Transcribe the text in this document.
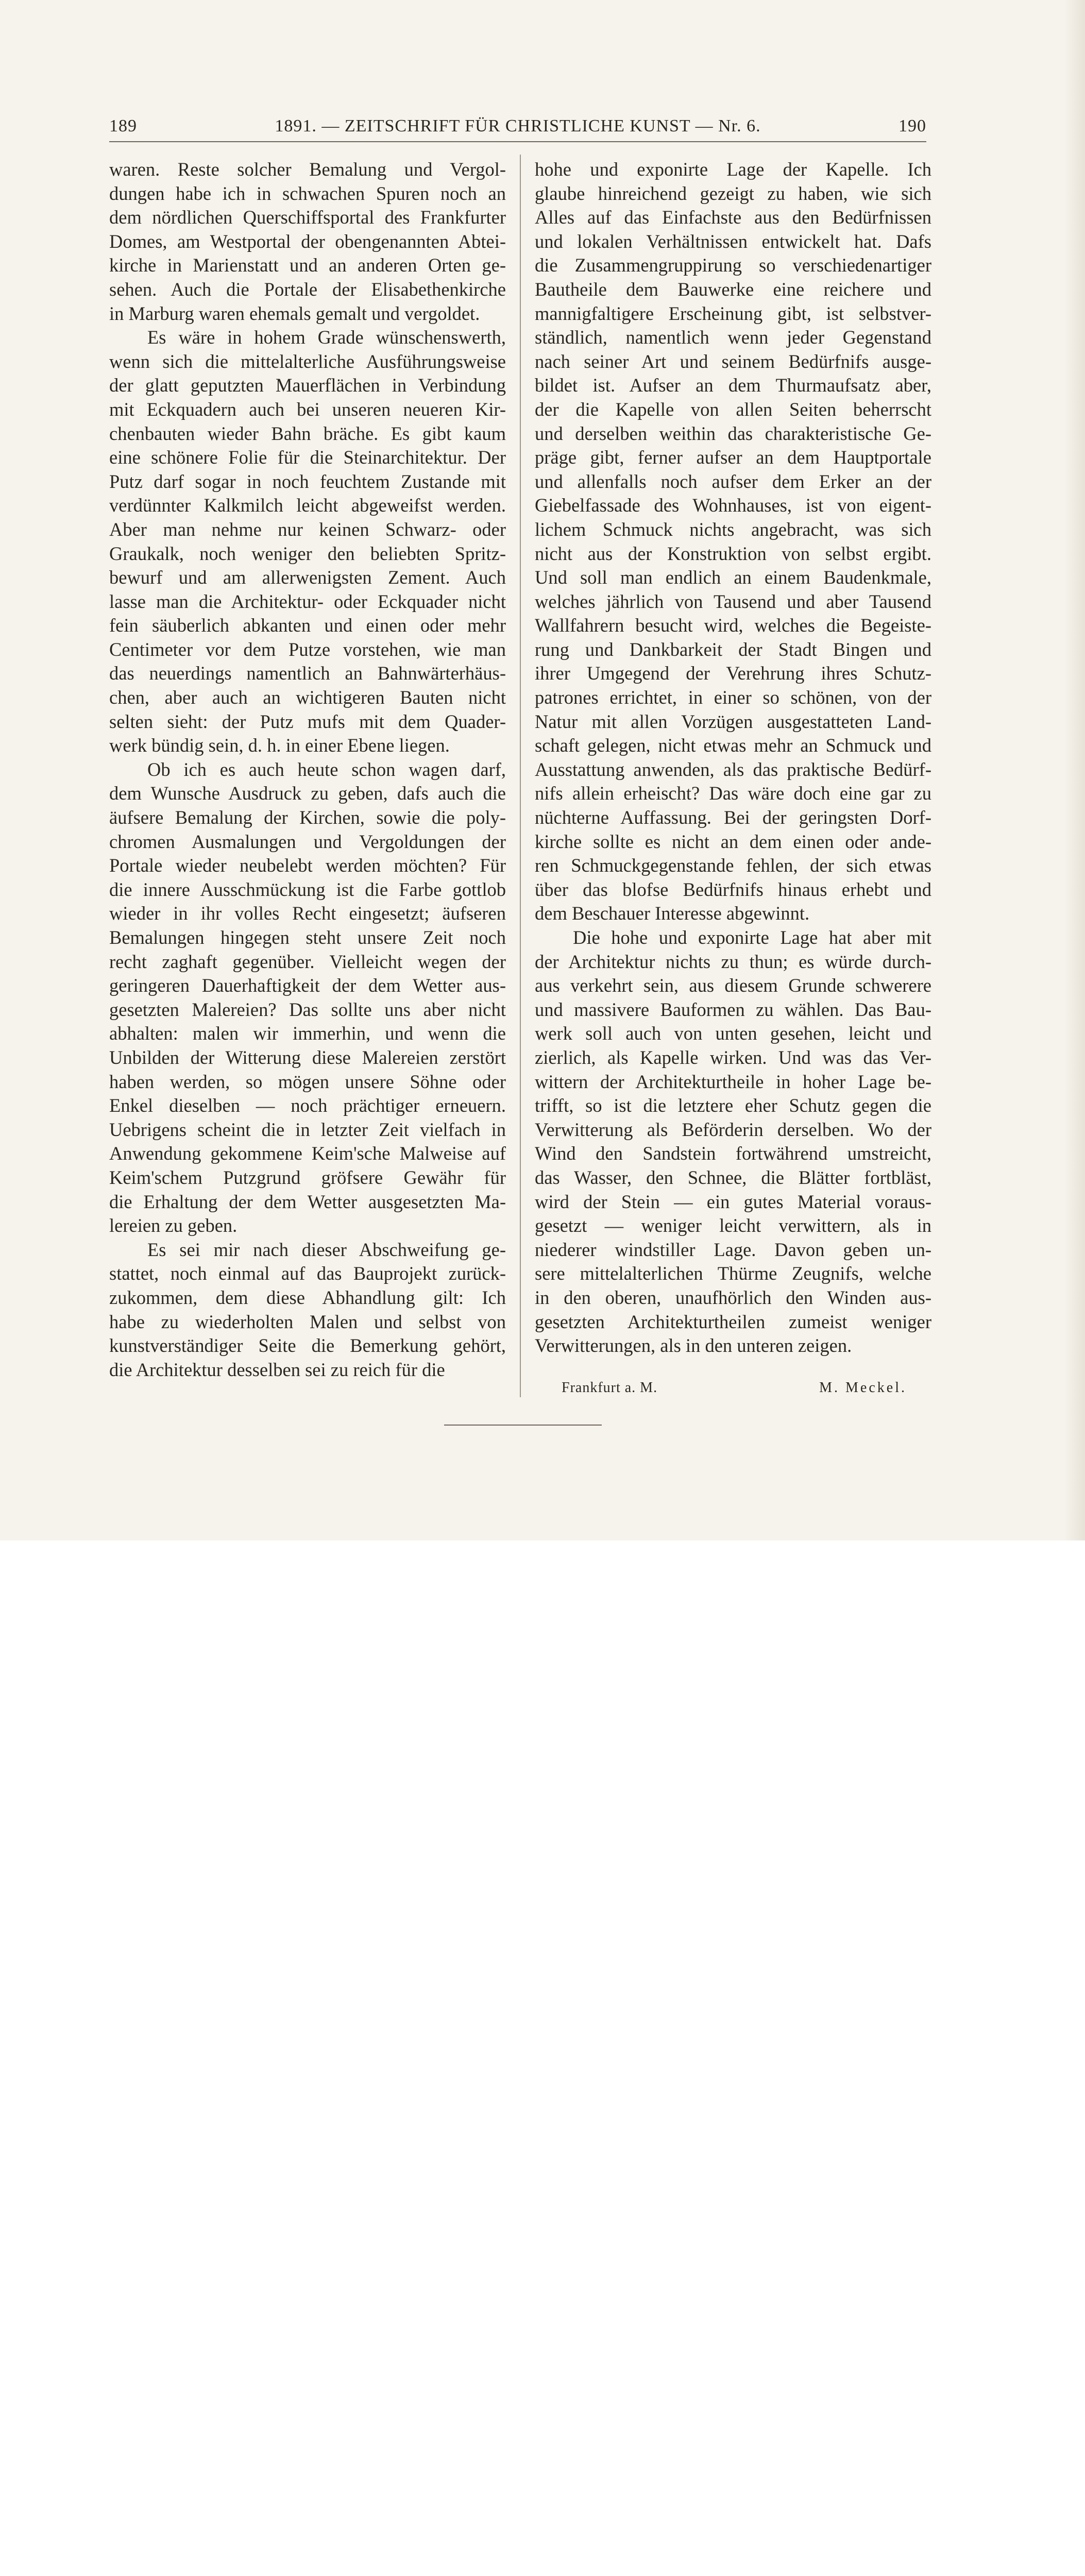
189	1891. — ZEITSCHRIFT FÜR CHRISTLICHE KUNST — Nr. 6.	190

waren. Reste solcher Bemalung und Vergol-
dungen habe ich in schwachen Spuren noch an
dem nördlichen Querschiffsportal des Frankfurter
Domes, am Westportal der obengenannten Abtei-
kirche in Marienstatt und an anderen Orten ge-
sehen. Auch die Portale der Elisabethenkirche
in Marburg waren ehemals gemalt und vergoldet.

Es wäre in hohem Grade wünschenswerth,
wenn sich die mittelalterliche Ausführungsweise
der glatt geputzten Mauerflächen in Verbindung
mit Eckquadern auch bei unseren neueren Kir-
chenbauten wieder Bahn bräche. Es gibt kaum
eine schönere Folie für die Steinarchitektur. Der
Putz darf sogar in noch feuchtem Zustande mit
verdünnter Kalkmilch leicht abgeweifst werden.
Aber man nehme nur keinen Schwarz- oder
Graukalk, noch weniger den beliebten Spritz-
bewurf und am allerwenigsten Zement. Auch
lasse man die Architektur- oder Eckquader nicht
fein säuberlich abkanten und einen oder mehr
Centimeter vor dem Putze vorstehen, wie man
das neuerdings namentlich an Bahnwärterhäus-
chen, aber auch an wichtigeren Bauten nicht
selten sieht: der Putz mufs mit dem Quader-
werk bündig sein, d. h. in einer Ebene liegen.

Ob ich es auch heute schon wagen darf,
dem Wunsche Ausdruck zu geben, dafs auch die
äufsere Bemalung der Kirchen, sowie die poly-
chromen Ausmalungen und Vergoldungen der
Portale wieder neubelebt werden möchten? Für
die innere Ausschmückung ist die Farbe gottlob
wieder in ihr volles Recht eingesetzt; äufseren
Bemalungen hingegen steht unsere Zeit noch
recht zaghaft gegenüber. Vielleicht wegen der
geringeren Dauerhaftigkeit der dem Wetter aus-
gesetzten Malereien? Das sollte uns aber nicht
abhalten: malen wir immerhin, und wenn die
Unbilden der Witterung diese Malereien zerstört
haben werden, so mögen unsere Söhne oder
Enkel dieselben — noch prächtiger erneuern.
Uebrigens scheint die in letzter Zeit vielfach in
Anwendung gekommene Keim'sche Malweise auf
Keim'schem Putzgrund gröfsere Gewähr für
die Erhaltung der dem Wetter ausgesetzten Ma-
lereien zu geben.

Es sei mir nach dieser Abschweifung ge-
stattet, noch einmal auf das Bauprojekt zurück-
zukommen, dem diese Abhandlung gilt: Ich
habe zu wiederholten Malen und selbst von
kunstverständiger Seite die Bemerkung gehört,
die Architektur desselben sei zu reich für die

hohe und exponirte Lage der Kapelle. Ich
glaube hinreichend gezeigt zu haben, wie sich
Alles auf das Einfachste aus den Bedürfnissen
und lokalen Verhältnissen entwickelt hat. Dafs
die Zusammengruppirung so verschiedenartiger
Bautheile dem Bauwerke eine reichere und
mannigfaltigere Erscheinung gibt, ist selbstver-
ständlich, namentlich wenn jeder Gegenstand
nach seiner Art und seinem Bedürfnifs ausge-
bildet ist. Aufser an dem Thurmaufsatz aber,
der die Kapelle von allen Seiten beherrscht
und derselben weithin das charakteristische Ge-
präge gibt, ferner aufser an dem Hauptportale
und allenfalls noch aufser dem Erker an der
Giebelfassade des Wohnhauses, ist von eigent-
lichem Schmuck nichts angebracht, was sich
nicht aus der Konstruktion von selbst ergibt.
Und soll man endlich an einem Baudenkmale,
welches jährlich von Tausend und aber Tausend
Wallfahrern besucht wird, welches die Begeiste-
rung und Dankbarkeit der Stadt Bingen und
ihrer Umgegend der Verehrung ihres Schutz-
patrones errichtet, in einer so schönen, von der
Natur mit allen Vorzügen ausgestatteten Land-
schaft gelegen, nicht etwas mehr an Schmuck und
Ausstattung anwenden, als das praktische Bedürf-
nifs allein erheischt? Das wäre doch eine gar zu
nüchterne Auffassung. Bei der geringsten Dorf-
kirche sollte es nicht an dem einen oder ande-
ren Schmuckgegenstande fehlen, der sich etwas
über das blofse Bedürfnifs hinaus erhebt und
dem Beschauer Interesse abgewinnt.

Die hohe und exponirte Lage hat aber mit
der Architektur nichts zu thun; es würde durch-
aus verkehrt sein, aus diesem Grunde schwerere
und massivere Bauformen zu wählen. Das Bau-
werk soll auch von unten gesehen, leicht und
zierlich, als Kapelle wirken. Und was das Ver-
wittern der Architekturtheile in hoher Lage be-
trifft, so ist die letztere eher Schutz gegen die
Verwitterung als Beförderin derselben. Wo der
Wind den Sandstein fortwährend umstreicht,
das Wasser, den Schnee, die Blätter fortbläst,
wird der Stein — ein gutes Material voraus-
gesetzt — weniger leicht verwittern, als in
niederer windstiller Lage. Davon geben un-
sere mittelalterlichen Thürme Zeugnifs, welche
in den oberen, unaufhörlich den Winden aus-
gesetzten Architekturtheilen zumeist weniger
Verwitterungen, als in den unteren zeigen.

Frankfurt a. M.	M. Meckel.
